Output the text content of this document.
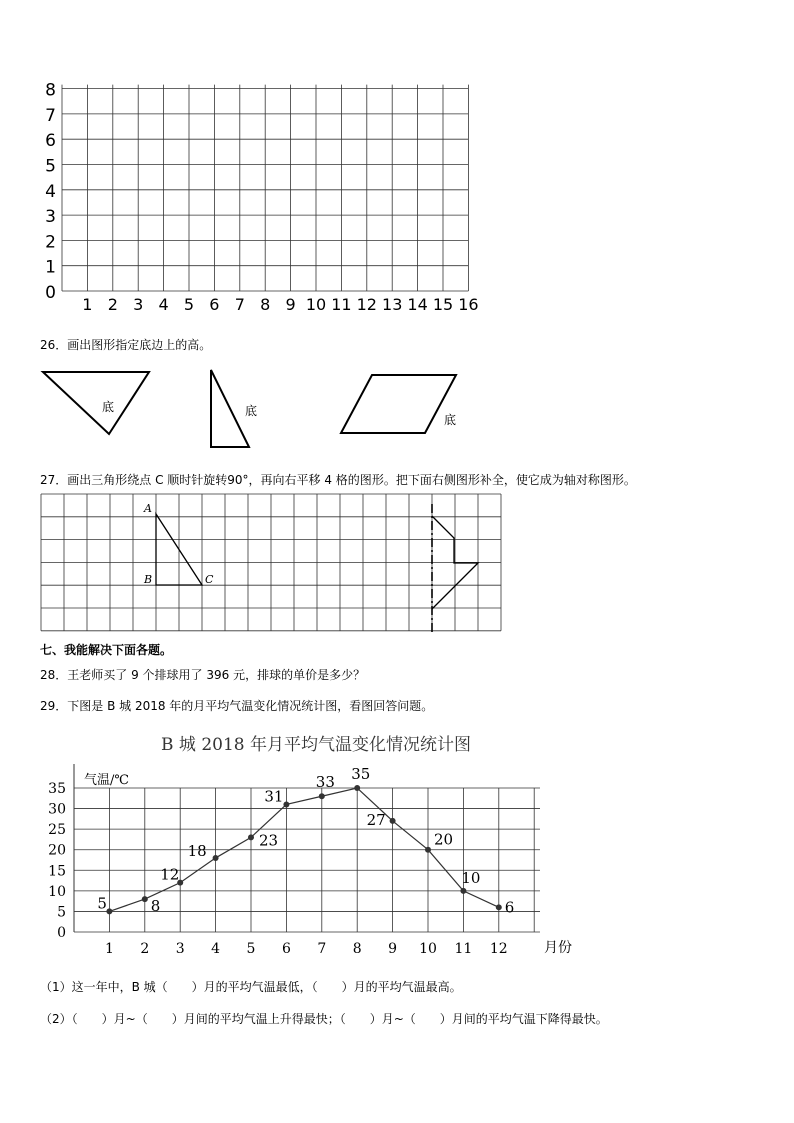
0
1
2
3
4
5
6
7
8
1 2 3 4 5 6 7 8 9 10 11 12 13 14 15 16
26．画出图形指定底边上的高。
底	底
底
27．画出三角形绕点 C 顺时针旋转90°，再向右平移 4 格的图形。把下面右侧图形补全，使它成为轴对称图形。
A
B	C
七、我能解决下面各题。
28．王老师买了 9 个排球用了 396 元，排球的单价是多少？
29．下图是 B 城 2018 年的月平均气温变化情况统计图，看图回答问题。
B 城 2018 年月平均气温变化情况统计图
气温/℃
月份
0
5
10
15
20
25
30
35
1 2 3 4 5 6 7 8 9 10 11 12
5	8
12
18
23
31
33 35
27
20
10
6
（1）这一年中，B 城（　　）月的平均气温最低，（　　）月的平均气温最高。
（2）（　　）月~（　　）月间的平均气温上升得最快；（　　）月~（　　）月间的平均气温下降得最快。
